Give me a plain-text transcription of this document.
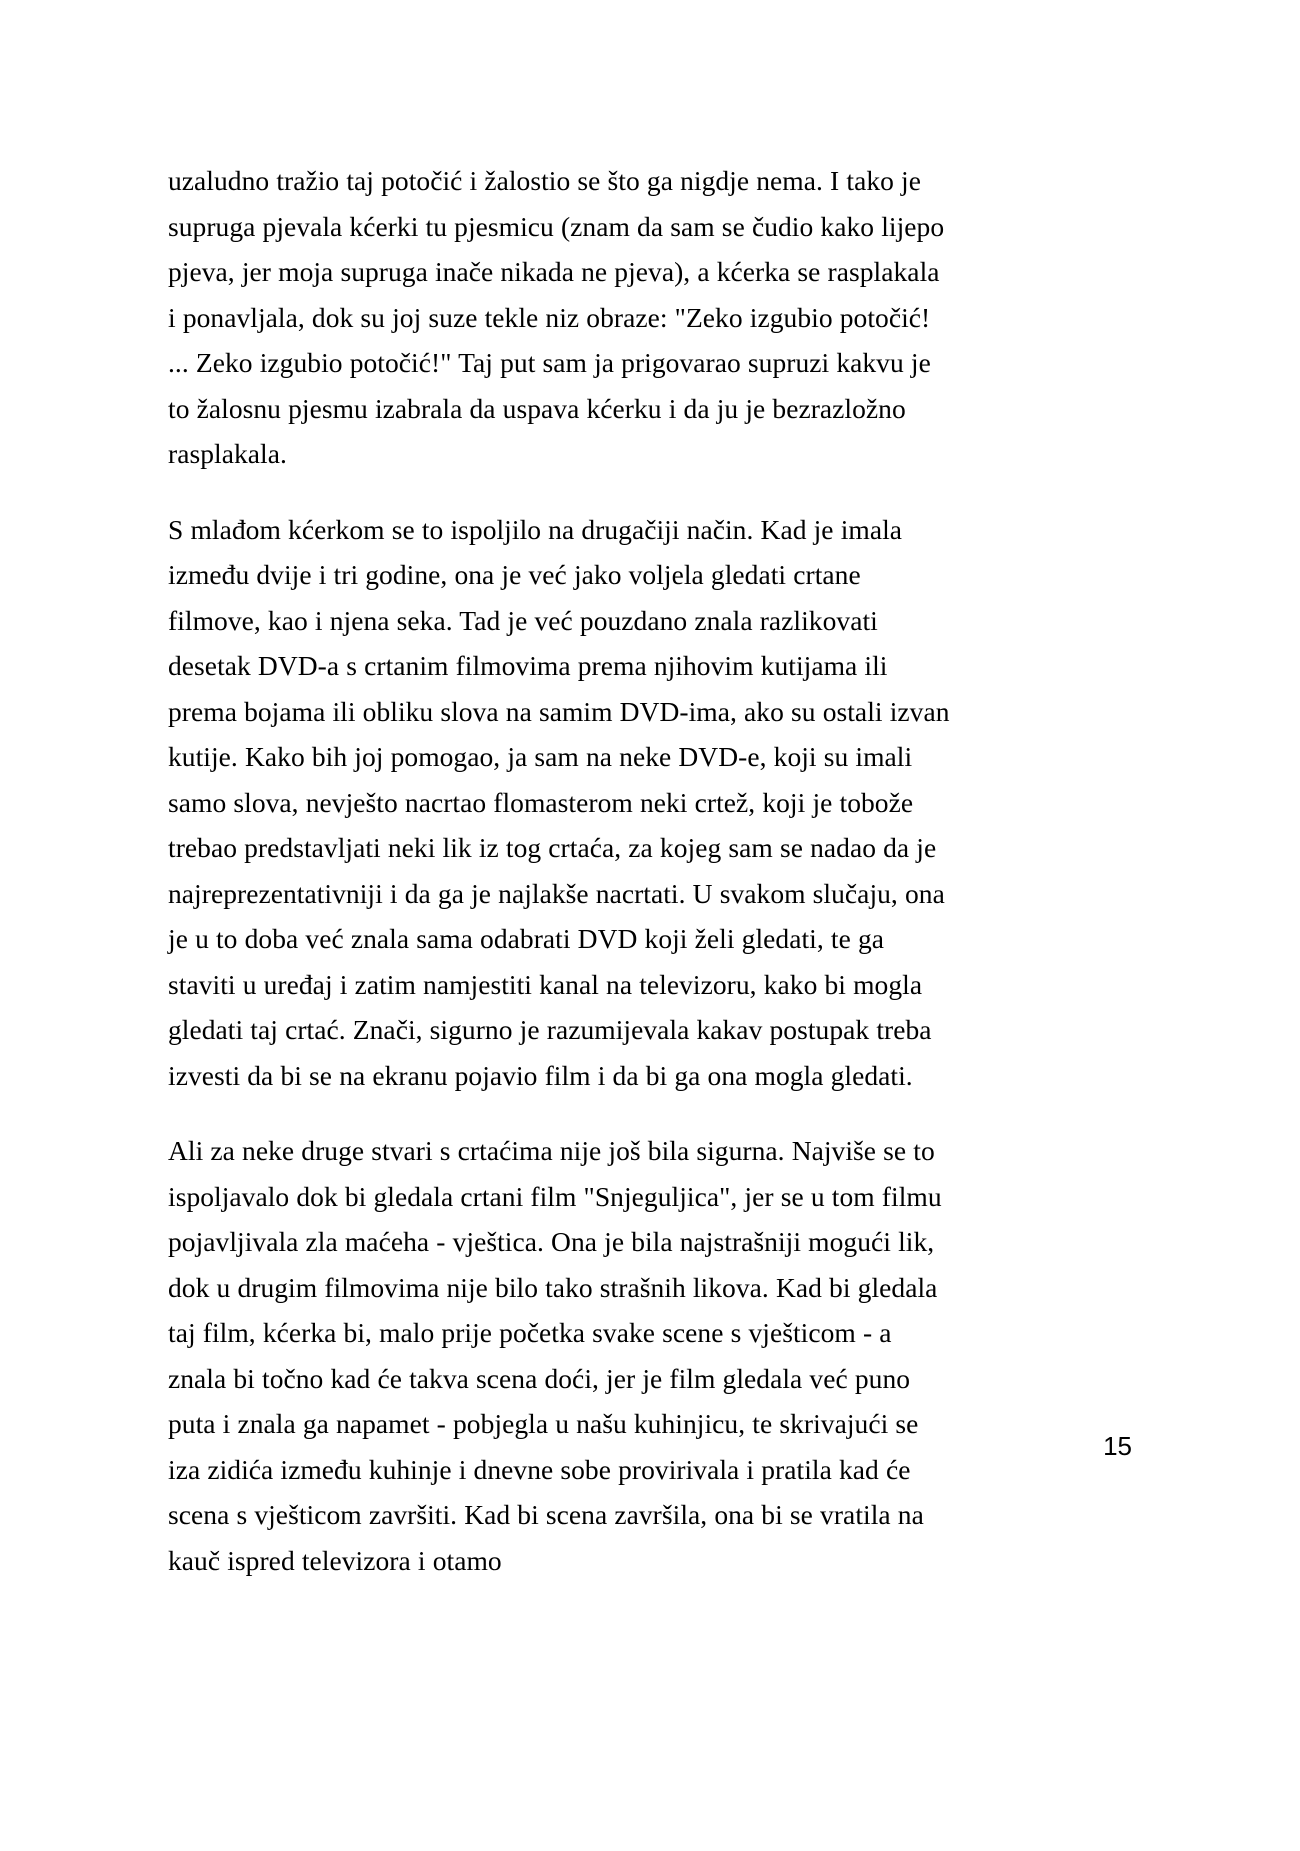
uzaludno tražio taj potočić i žalostio se što ga nigdje nema. I tako je supruga pjevala kćerki tu pjesmicu (znam da sam se čudio kako lijepo pjeva, jer moja supruga inače nikada ne pjeva), a kćerka se rasplakala i ponavljala, dok su joj suze tekle niz obraze: "Zeko izgubio potočić! ... Zeko izgubio potočić!" Taj put sam ja prigovarao supruzi kakvu je to žalosnu pjesmu izabrala da uspava kćerku i da ju je bezrazložno rasplakala.

S mlađom kćerkom se to ispoljilo na drugačiji način. Kad je imala između dvije i tri godine, ona je već jako voljela gledati crtane filmove, kao i njena seka. Tad je već pouzdano znala razlikovati desetak DVD-a s crtanim filmovima prema njihovim kutijama ili prema bojama ili obliku slova na samim DVD-ima, ako su ostali izvan kutije. Kako bih joj pomogao, ja sam na neke DVD-e, koji su imali samo slova, nevješto nacrtao flomasterom neki crtež, koji je tobože trebao predstavljati neki lik iz tog crtaća, za kojeg sam se nadao da je najreprezentativniji i da ga je najlakše nacrtati. U svakom slučaju, ona je u to doba već znala sama odabrati DVD koji želi gledati, te ga staviti u uređaj i zatim namjestiti kanal na televizoru, kako bi mogla gledati taj crtać. Znači, sigurno je razumijevala kakav postupak treba izvesti da bi se na ekranu pojavio film i da bi ga ona mogla gledati.

Ali za neke druge stvari s crtaćima nije još bila sigurna. Najviše se to ispoljavalo dok bi gledala crtani film "Snjeguljica", jer se u tom filmu pojavljivala zla maćeha - vještica. Ona je bila najstrašniji mogući lik, dok u drugim filmovima nije bilo tako strašnih likova. Kad bi gledala taj film, kćerka bi, malo prije početka svake scene s vješticom - a znala bi točno kad će takva scena doći, jer je film gledala već puno puta i znala ga napamet - pobjegla u našu kuhinjicu, te skrivajući se iza zidića između kuhinje i dnevne sobe provirivala i pratila kad će scena s vješticom završiti. Kad bi scena završila, ona bi se vratila na kauč ispred televizora i otamo

15
